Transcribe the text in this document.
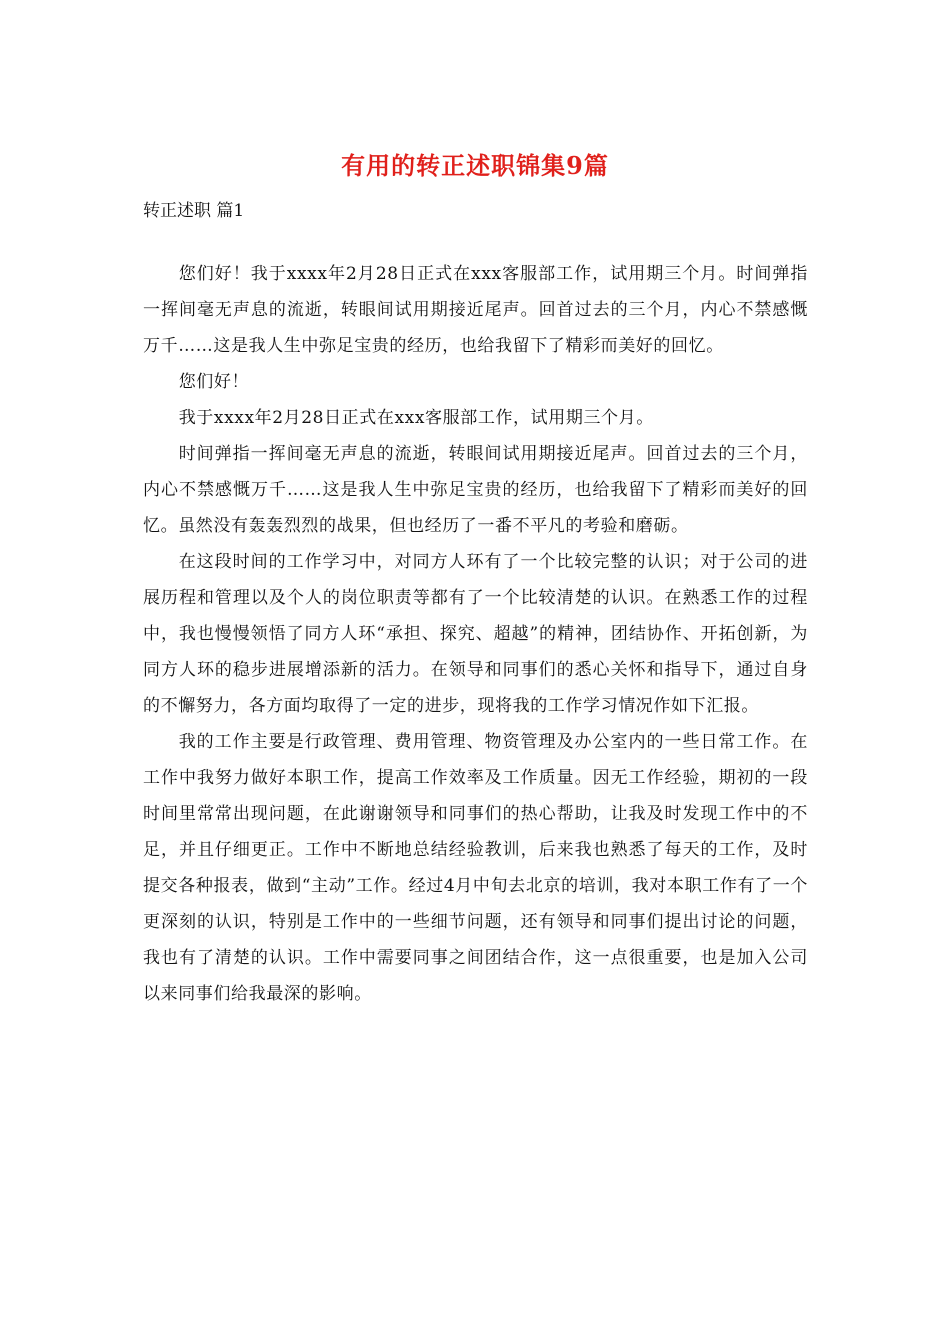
有用的转正述职锦集9篇
转正述职 篇1

您们好！我于xxxx年2月28日正式在xxx客服部工作，试用期三个月。时间弹指一挥间毫无声息的流逝，转眼间试用期接近尾声。回首过去的三个月，内心不禁感慨万千……这是我人生中弥足宝贵的经历，也给我留下了精彩而美好的回忆。

您们好！

我于xxxx年2月28日正式在xxx客服部工作，试用期三个月。

时间弹指一挥间毫无声息的流逝，转眼间试用期接近尾声。回首过去的三个月，内心不禁感慨万千……这是我人生中弥足宝贵的经历，也给我留下了精彩而美好的回忆。虽然没有轰轰烈烈的战果，但也经历了一番不平凡的考验和磨砺。

在这段时间的工作学习中，对同方人环有了一个比较完整的认识；对于公司的进展历程和管理以及个人的岗位职责等都有了一个比较清楚的认识。在熟悉工作的过程中，我也慢慢领悟了同方人环“承担、探究、超越”的精神，团结协作、开拓创新，为同方人环的稳步进展增添新的活力。在领导和同事们的悉心关怀和指导下，通过自身的不懈努力，各方面均取得了一定的进步，现将我的工作学习情况作如下汇报。

我的工作主要是行政管理、费用管理、物资管理及办公室内的一些日常工作。在工作中我努力做好本职工作，提高工作效率及工作质量。因无工作经验，期初的一段时间里常常出现问题，在此谢谢领导和同事们的热心帮助，让我及时发现工作中的不足，并且仔细更正。工作中不断地总结经验教训，后来我也熟悉了每天的工作，及时提交各种报表，做到“主动”工作。经过4月中旬去北京的培训，我对本职工作有了一个更深刻的认识，特别是工作中的一些细节问题，还有领导和同事们提出讨论的问题，我也有了清楚的认识。工作中需要同事之间团结合作，这一点很重要，也是加入公司以来同事们给我最深的影响。
